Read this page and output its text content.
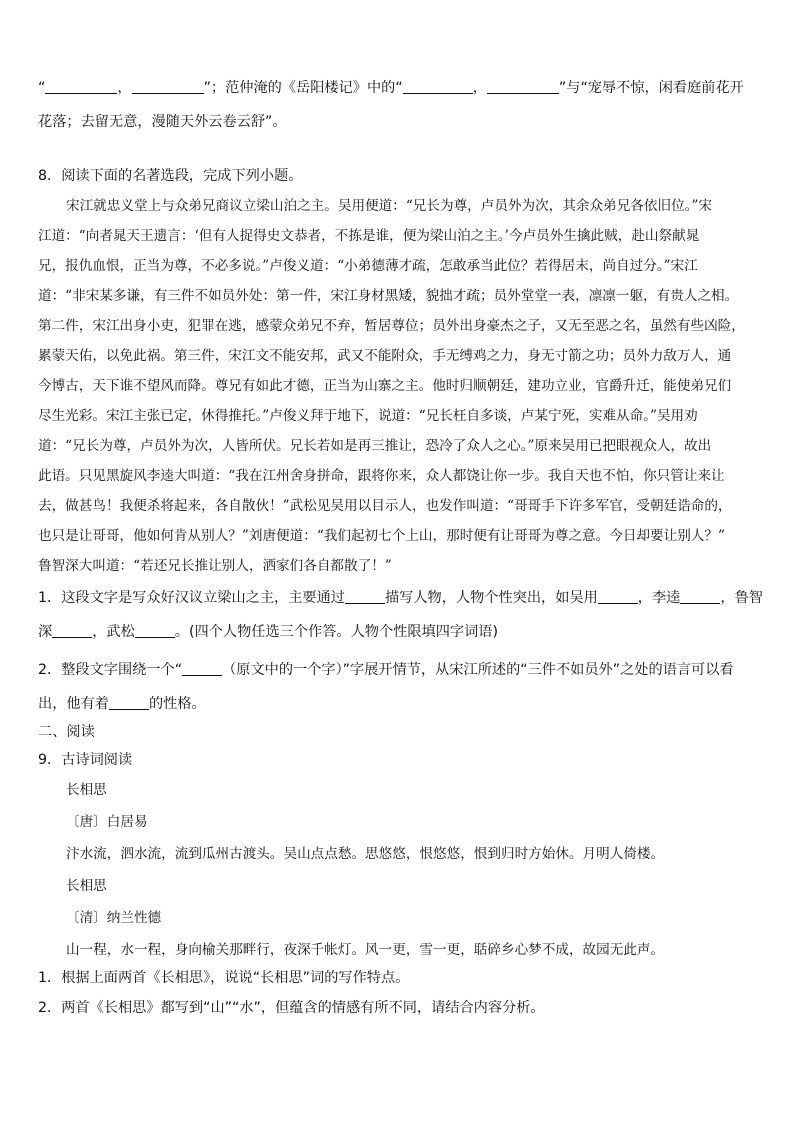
“	，	”；范仲淹的《岳阳楼记》中的“	，	”与“宠辱不惊，闲看庭前花开
花落；去留无意，漫随天外云卷云舒”。
8．阅读下面的名著选段，完成下列小题。
宋江就忠义堂上与众弟兄商议立梁山泊之主。吴用便道：“兄长为尊，卢员外为次，其余众弟兄各依旧位。”宋
江道：“向者晁天王遗言：‘但有人捉得史文恭者，不拣是谁，便为梁山泊之主。’今卢员外生擒此贼，赴山祭献晁
兄，报仇血恨，正当为尊，不必多说。”卢俊义道：“小弟德薄才疏，怎敢承当此位？若得居末，尚自过分。”宋江
道：“非宋某多谦，有三件不如员外处：第一件，宋江身材黑矮，貌拙才疏；员外堂堂一表，凛凛一躯，有贵人之相。
第二件，宋江出身小吏，犯罪在逃，感蒙众弟兄不弃，暂居尊位；员外出身豪杰之子，又无至恶之名，虽然有些凶险，
累蒙天佑，以免此祸。第三件，宋江文不能安邦，武又不能附众，手无缚鸡之力，身无寸箭之功；员外力敌万人，通
今博古，天下谁不望风而降。尊兄有如此才德，正当为山寨之主。他时归顺朝廷，建功立业，官爵升迁，能使弟兄们
尽生光彩。宋江主张已定，休得推托。”卢俊义拜于地下，说道：“兄长枉自多谈，卢某宁死，实难从命。”吴用劝
道：“兄长为尊，卢员外为次，人皆所伏。兄长若如是再三推让，恐冷了众人之心。”原来吴用已把眼视众人，故出
此语。只见黑旋风李逵大叫道：“我在江州舍身拼命，跟将你来，众人都饶让你一步。我自天也不怕，你只管让来让
去，做甚鸟！我便杀将起来，各自散伙！”武松见吴用以目示人，也发作叫道：“哥哥手下许多军官，受朝廷诰命的，
也只是让哥哥，他如何肯从别人？”刘唐便道：“我们起初七个上山，那时便有让哥哥为尊之意。今日却要让别人？”
鲁智深大叫道：“若还兄长推让别人，洒家们各自都散了！”
1．这段文字是写众好汉议立梁山之主，主要通过	描写人物，人物个性突出，如吴用	，李逵	，鲁智
深	，武松	。(四个人物任选三个作答。人物个性限填四字词语)
2．整段文字围绕一个“	（原文中的一个字）”字展开情节，从宋江所述的“三件不如员外”之处的语言可以看
出，他有着	的性格。
二、阅读
9．古诗词阅读
长相思
〔唐〕白居易
汴水流，泗水流，流到瓜州古渡头。吴山点点愁。思悠悠，恨悠悠，恨到归时方始休。月明人倚楼。
长相思
〔清〕纳兰性德
山一程，水一程，身向榆关那畔行，夜深千帐灯。风一更，雪一更，聒碎乡心梦不成，故园无此声。
1．根据上面两首《长相思》，说说“长相思”词的写作特点。
2．两首《长相思》都写到“山”“水”，但蕴含的情感有所不同，请结合内容分析。
